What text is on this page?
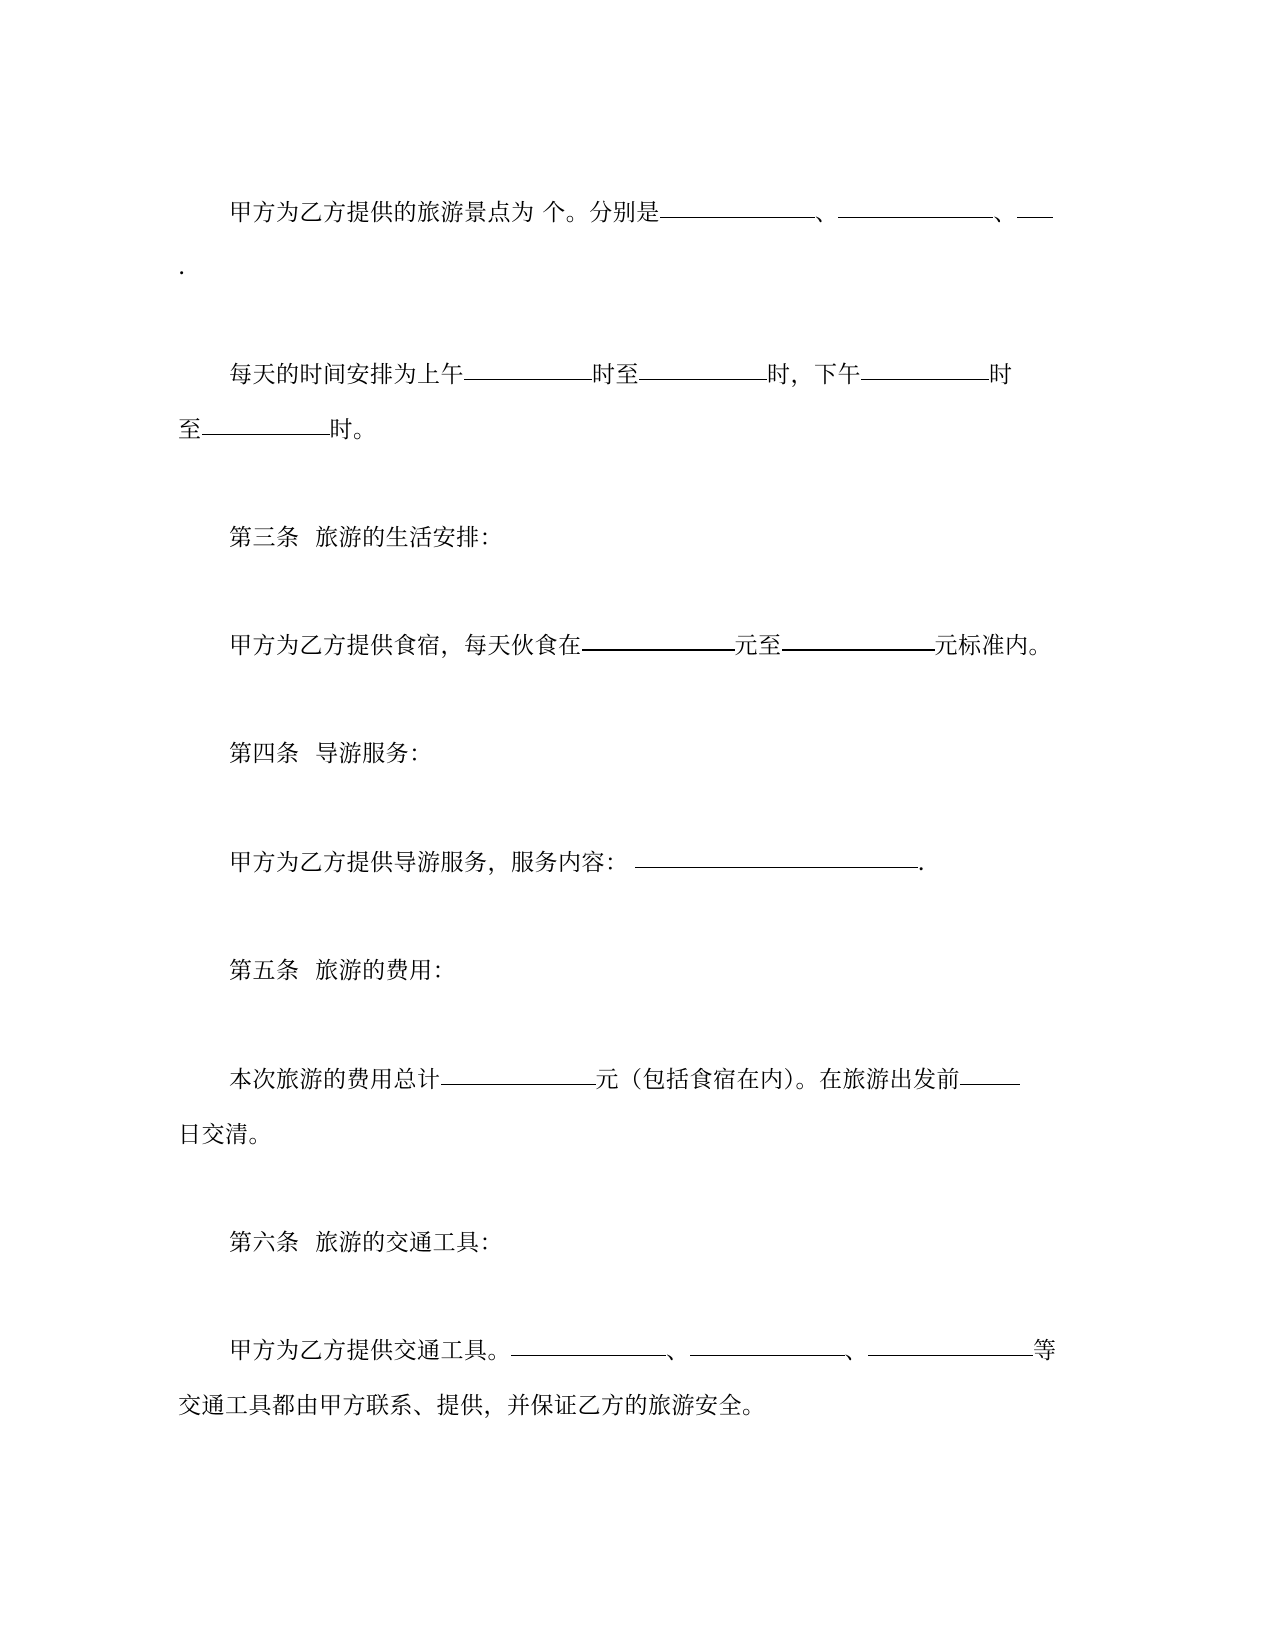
甲方为乙方提供的旅游景点为 个。分别是	、	、
.
每天的时间安排为上午	时至	时，下午	时
至	时。
第三条  旅游的生活安排：
甲方为乙方提供食宿，每天伙食在	元至	元标准内。
第四条  导游服务：
甲方为乙方提供导游服务，服务内容：	.
第五条  旅游的费用：
本次旅游的费用总计	元（包括食宿在内）。在旅游出发前
日交清。
第六条  旅游的交通工具：
甲方为乙方提供交通工具。	、	、	等
交通工具都由甲方联系、提供，并保证乙方的旅游安全。
